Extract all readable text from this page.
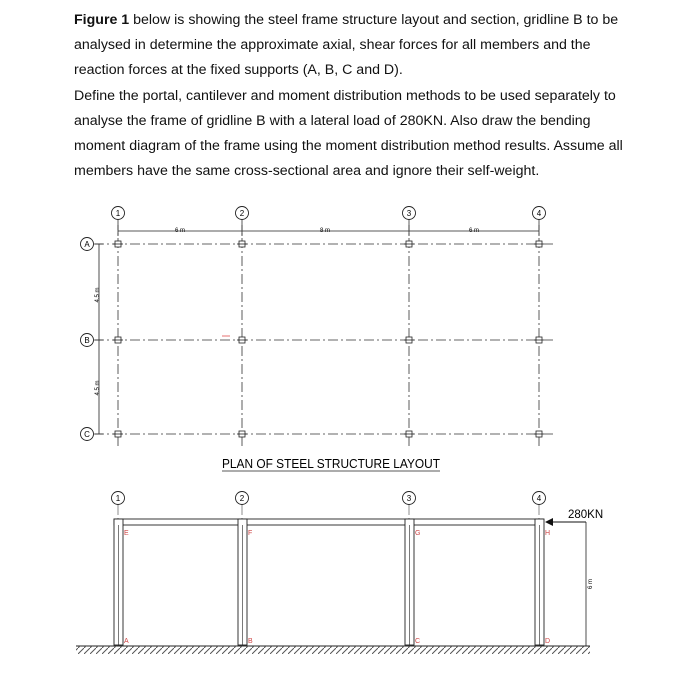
Figure 1 below is showing the steel frame structure layout and section, gridline B to be analysed in determine the approximate axial, shear forces for all members and the reaction forces at the fixed supports (A, B, C and D).
Define the portal, cantilever and moment distribution methods to be used separately to analyse the frame of gridline B with a lateral load of 280KN. Also draw the bending moment diagram of the frame using the moment distribution method results. Assume all members have the same cross-sectional area and ignore their self-weight.
6 m	8 m	6 m
1	2	3	4
A
B
C
4.5 m
4.5 m
PLAN OF STEEL STRUCTURE LAYOUT
1	2	3	4
E	F	G	H
A	B	C	D
280KN
6 m
